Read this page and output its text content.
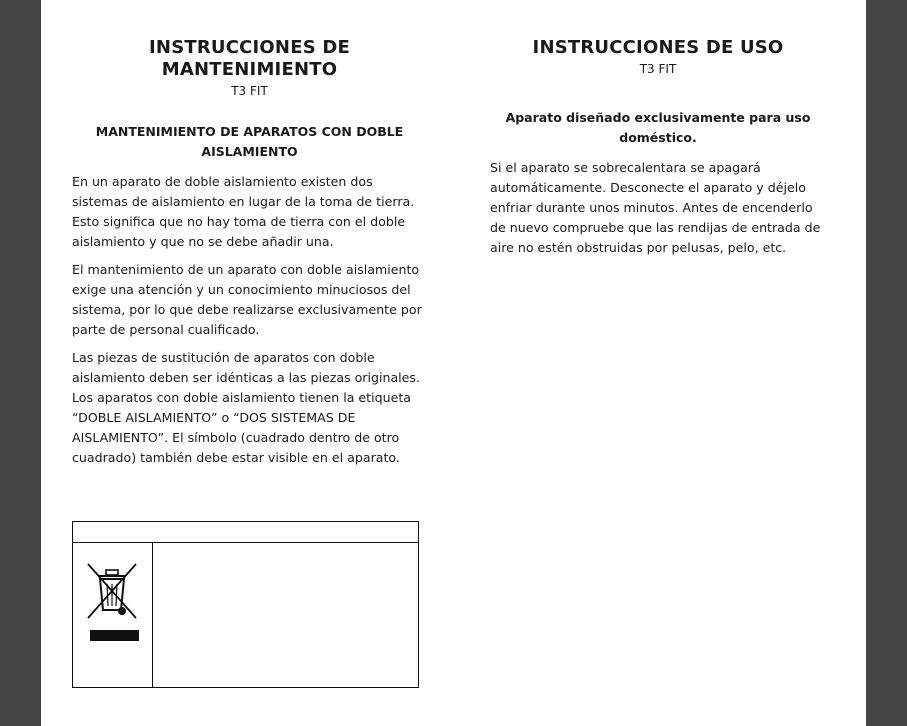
INSTRUCCIONES DE MANTENIMIENTO
T3 FIT
MANTENIMIENTO DE APARATOS CON DOBLE AISLAMIENTO

En un aparato de doble aislamiento existen dos sistemas de aislamiento en lugar de la toma de tierra. Esto significa que no hay toma de tierra con el doble aislamiento y que no se debe añadir una.

El mantenimiento de un aparato con doble aislamiento exige una atención y un conocimiento minuciosos del sistema, por lo que debe realizarse exclusivamente por parte de personal cualificado.

Las piezas de sustitución de aparatos con doble aislamiento deben ser idénticas a las piezas originales. Los aparatos con doble aislamiento tienen la etiqueta “DOBLE AISLAMIENTO” o “DOS SISTEMAS DE AISLAMIENTO”. El símbolo (cuadrado dentro de otro cuadrado) también debe estar visible en el aparato.

INSTRUCCIONES DE USO
T3 FIT
Aparato diseñado exclusivamente para uso doméstico.

Si el aparato se sobrecalentara se apagará automáticamente. Desconecte el aparato y déjelo enfriar durante unos minutos. Antes de encenderlo de nuevo compruebe que las rendijas de entrada de aire no estén obstruidas por pelusas, pelo, etc.
